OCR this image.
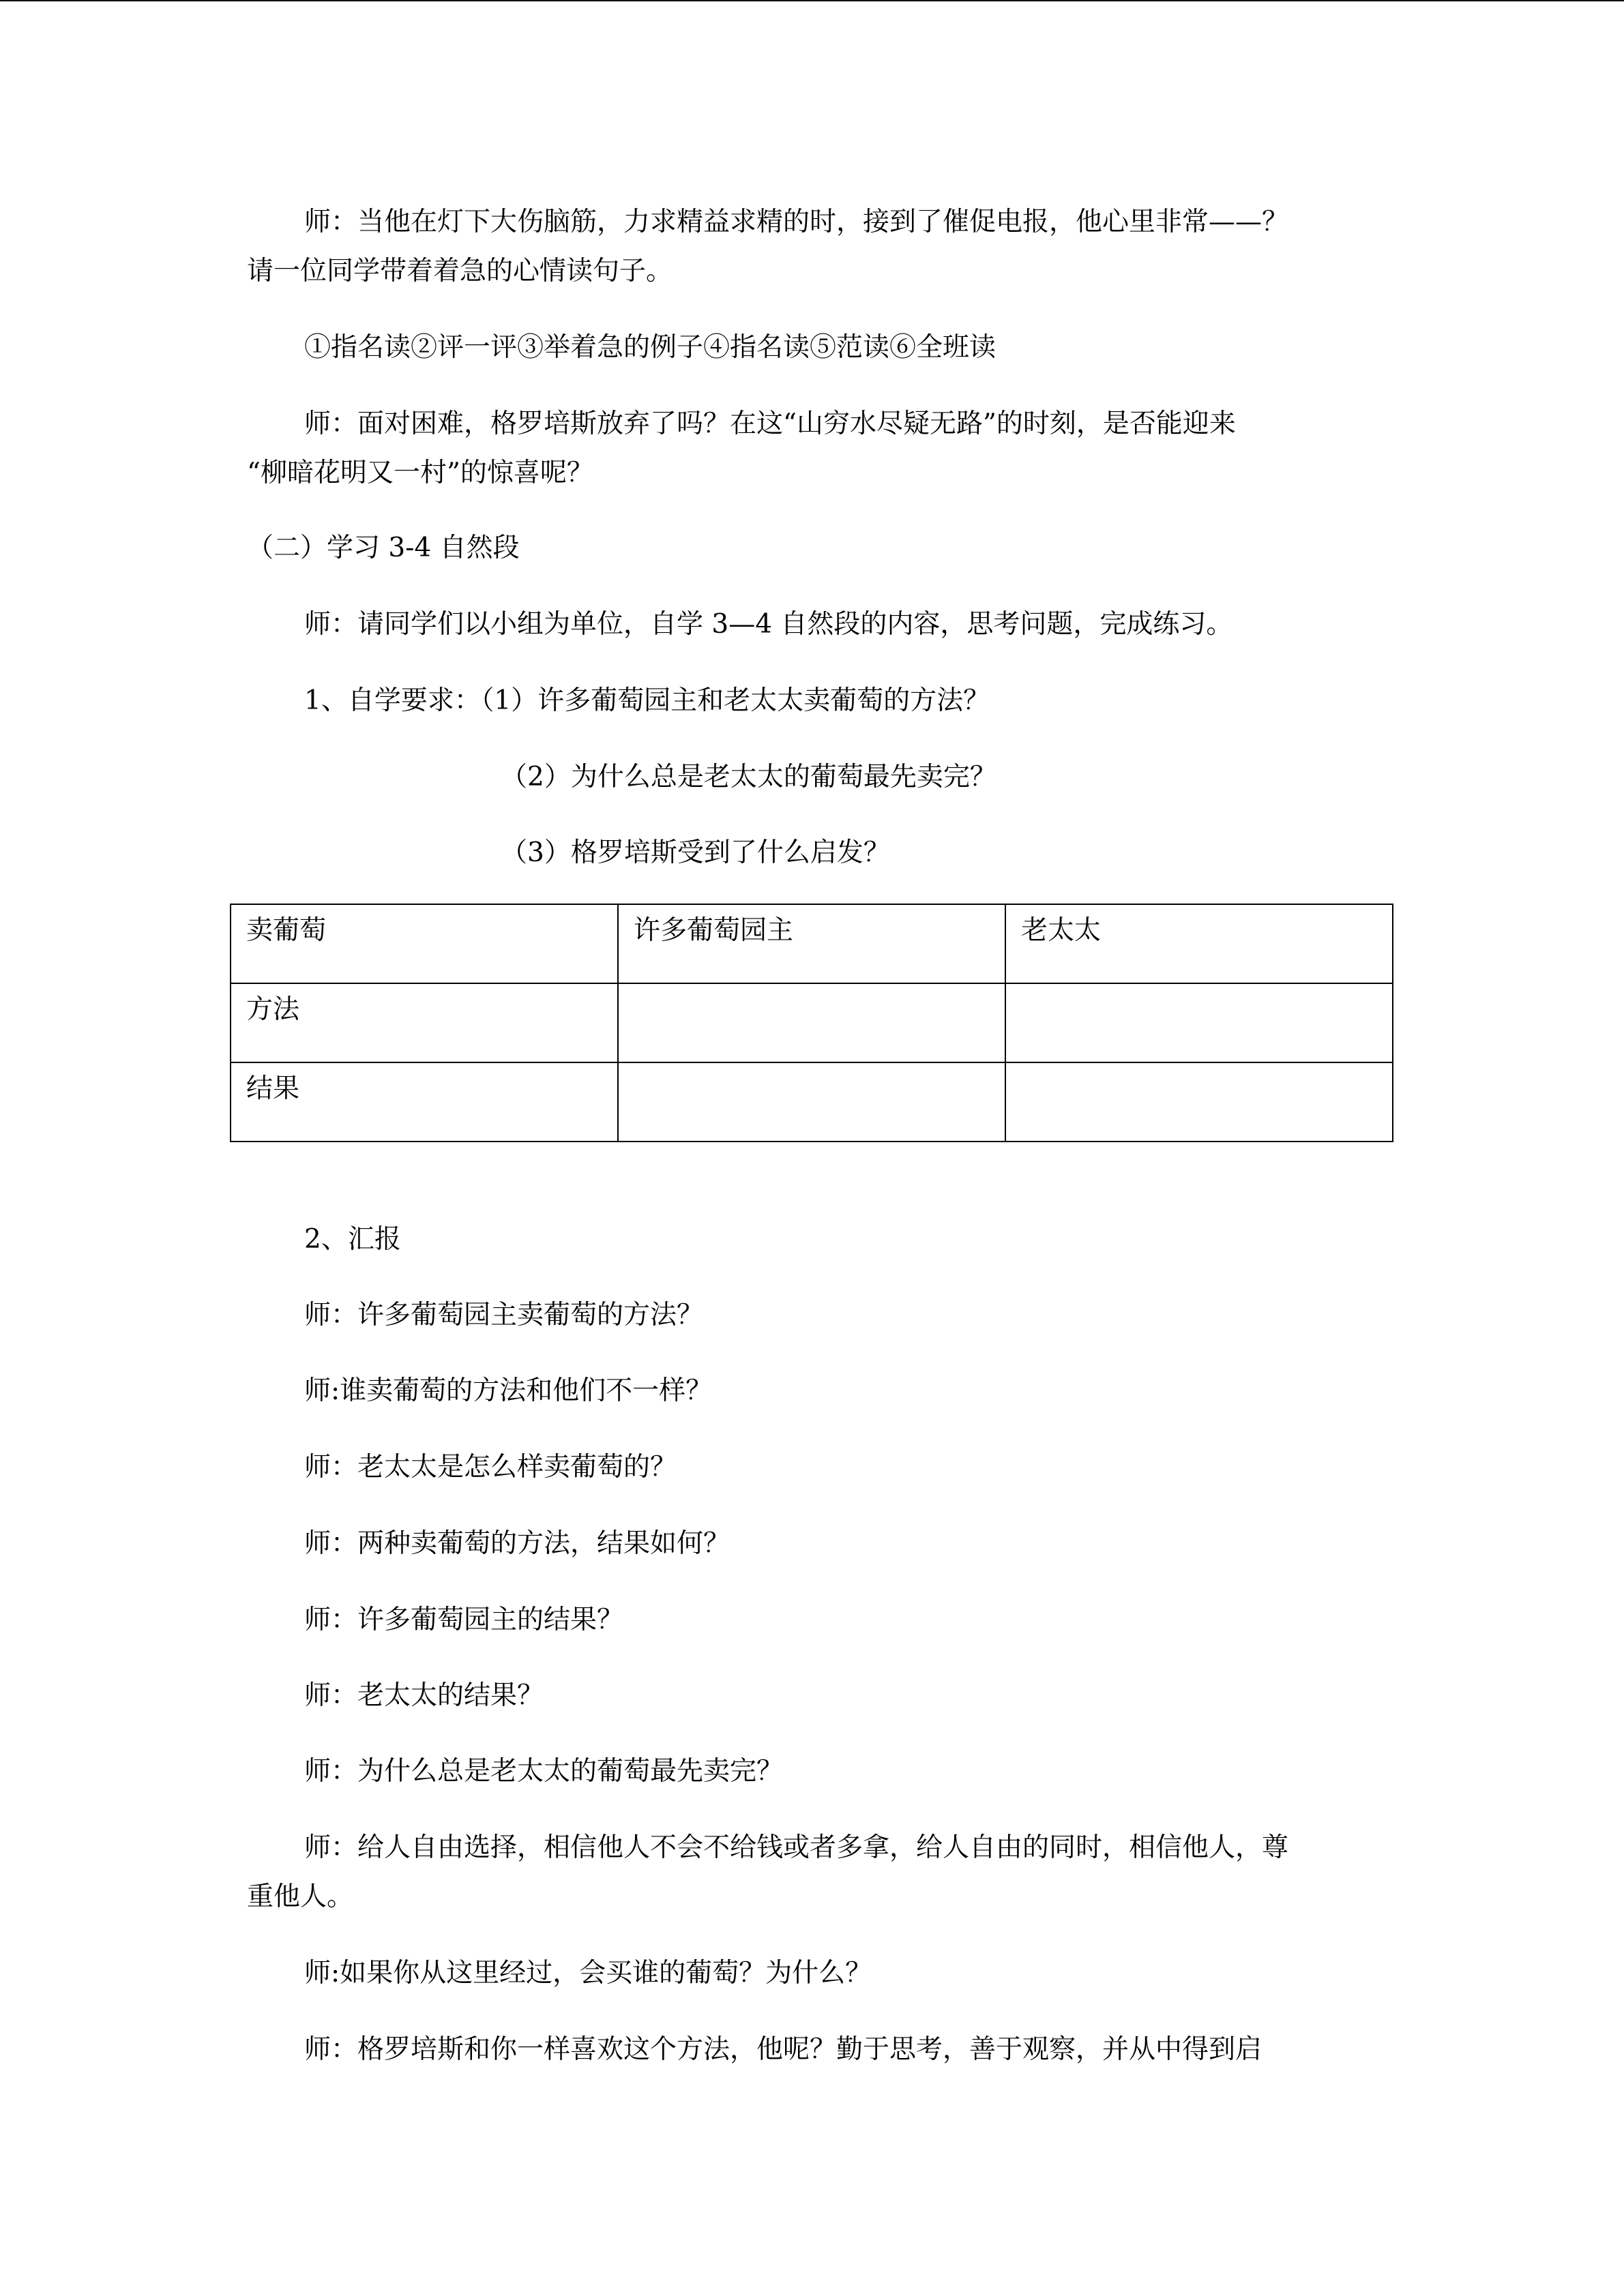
师：当他在灯下大伤脑筋，力求精益求精的时，接到了催促电报，他心里非常——？
请一位同学带着着急的心情读句子。
①指名读②评一评③举着急的例子④指名读⑤范读⑥全班读
师：面对困难，格罗培斯放弃了吗？在这“山穷水尽疑无路”的时刻，是否能迎来
“柳暗花明又一村”的惊喜呢？
（二）学习 3-4 自然段
师：请同学们以小组为单位，自学 3—4 自然段的内容，思考问题，完成练习。
1、自学要求：（1）许多葡萄园主和老太太卖葡萄的方法？
（2）为什么总是老太太的葡萄最先卖完？
（3）格罗培斯受到了什么启发？
卖葡萄	许多葡萄园主	老太太
方法		
结果		
2、汇报
师：许多葡萄园主卖葡萄的方法？
师:谁卖葡萄的方法和他们不一样？
师：老太太是怎么样卖葡萄的？
师：两种卖葡萄的方法，结果如何？
师：许多葡萄园主的结果？
师：老太太的结果？
师：为什么总是老太太的葡萄最先卖完？
师：给人自由选择，相信他人不会不给钱或者多拿，给人自由的同时，相信他人，尊
重他人。
师:如果你从这里经过，会买谁的葡萄？为什么？
师：格罗培斯和你一样喜欢这个方法，他呢？勤于思考，善于观察，并从中得到启
